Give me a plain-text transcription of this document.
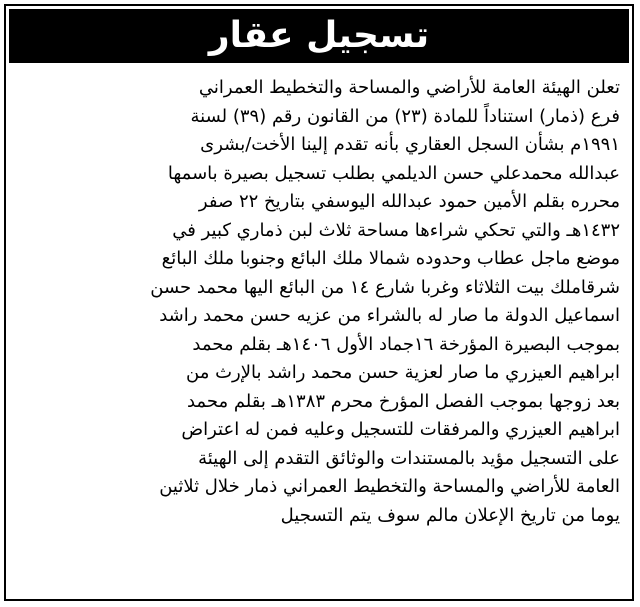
تسجيل عقار
تعلن الهيئة العامة للأراضي والمساحة والتخطيط العمراني
فرع (ذمار) استناداً للمادة (٢٣) من القانون رقم (٣٩) لسنة
١٩٩١م بشأن السجل العقاري بأنه تقدم إلينا الأخت/بشرى
عبدالله محمدعلي حسن الديلمي بطلب تسجيل بصيرة باسمها
محرره بقلم الأمين حمود عبدالله اليوسفي بتاريخ ٢٢ صفر
١٤٣٢هـ والتي تحكي شراءها مساحة ثلاث لبن ذماري كبير في
موضع ماجل عطاب وحدوده شمالا ملك البائع وجنوبا ملك البائع
شرقاملك بيت الثلاثاء وغربا شارع ١٤ من البائع اليها محمد حسن
اسماعيل الدولة ما صار له بالشراء من عزيه حسن محمد راشد
بموجب البصيرة المؤرخة ١٦جماد الأول ١٤٠٦هـ بقلم محمد
ابراهيم العيزري ما صار لعزية حسن محمد راشد بالإرث من
بعد زوجها بموجب الفصل المؤرخ محرم ١٣٨٣هـ بقلم محمد
ابراهيم العيزري والمرفقات للتسجيل وعليه فمن له اعتراض
على التسجيل مؤيد بالمستندات والوثائق التقدم إلى الهيئة
العامة للأراضي والمساحة والتخطيط العمراني ذمار خلال ثلاثين
يوما من تاريخ الإعلان مالم سوف يتم التسجيل
